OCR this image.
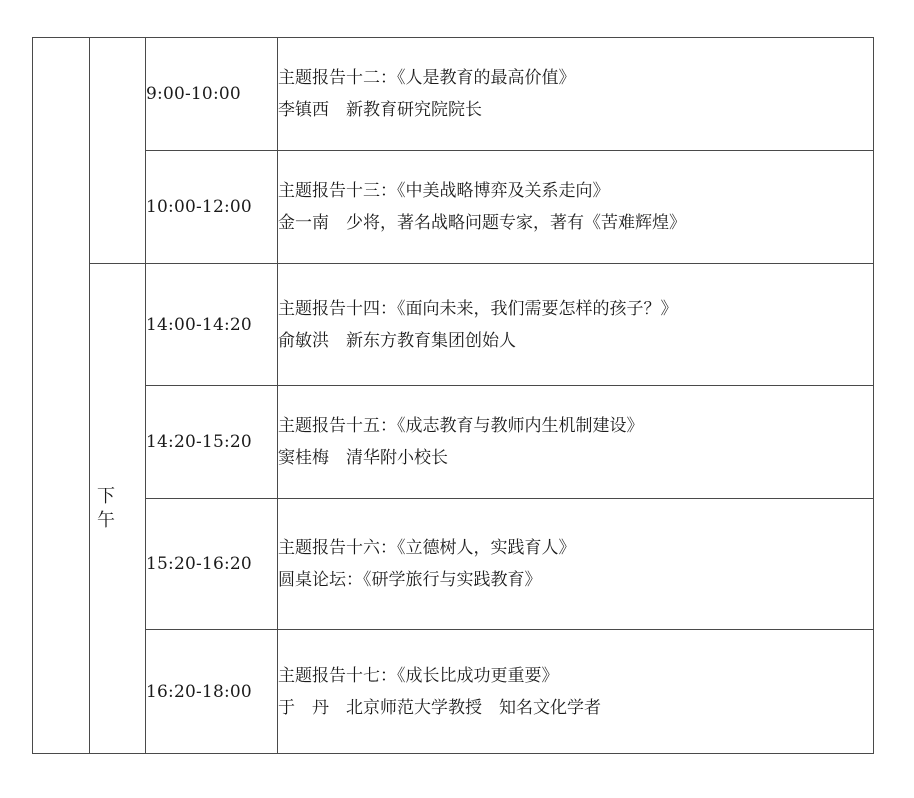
		9:00-10:00	主题报告十二：《人是教育的最高价值》
李镇西　新教育研究院院长

		10:00-12:00	主题报告十三：《中美战略博弈及关系走向》
金一南　少将，著名战略问题专家，著有《苦难辉煌》

	下午	14:00-14:20	主题报告十四：《面向未来，我们需要怎样的孩子？》
俞敏洪　新东方教育集团创始人

		14:20-15:20	主题报告十五：《成志教育与教师内生机制建设》
窦桂梅　清华附小校长

		15:20-16:20	主题报告十六：《立德树人，实践育人》
圆桌论坛：《研学旅行与实践教育》

		16:20-18:00	主题报告十七：《成长比成功更重要》
于　丹　北京师范大学教授　知名文化学者
